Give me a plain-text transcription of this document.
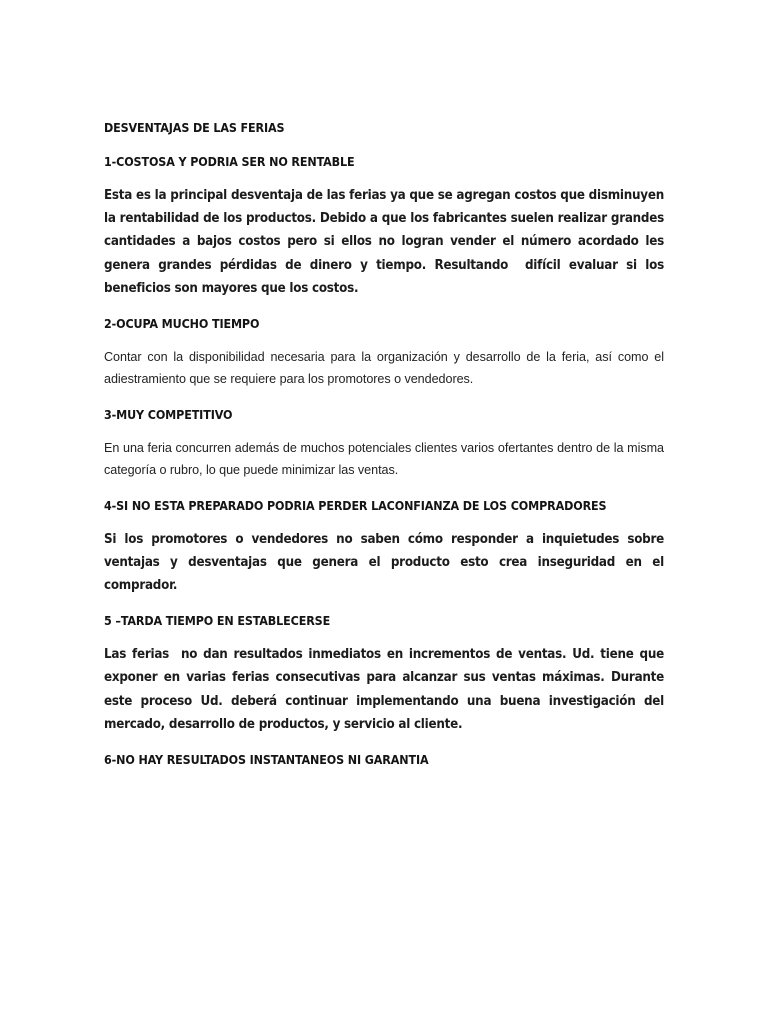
DESVENTAJAS DE LAS FERIAS

1-COSTOSA Y PODRIA SER NO RENTABLE

Esta es la principal desventaja de las ferias ya que se agregan costos que disminuyen la rentabilidad de los productos. Debido a que los fabricantes suelen realizar grandes cantidades a bajos costos pero si ellos no logran vender el número acordado les genera grandes pérdidas de dinero y tiempo. Resultando  difícil evaluar si los beneficios son mayores que los costos.

2-OCUPA MUCHO TIEMPO

Contar con la disponibilidad necesaria para la organización y desarrollo de la feria, así como el adiestramiento que se requiere para los promotores o vendedores.

3-MUY COMPETITIVO

En una feria concurren además de muchos potenciales clientes varios ofertantes dentro de la misma categoría o rubro, lo que puede minimizar las ventas.

4-SI NO ESTA PREPARADO PODRIA PERDER LACONFIANZA DE LOS COMPRADORES

Si los promotores o vendedores no saben cómo responder a inquietudes sobre ventajas y desventajas que genera el producto esto crea inseguridad en el  comprador.

5 –TARDA TIEMPO EN ESTABLECERSE

Las ferias  no dan resultados inmediatos en incrementos de ventas. Ud. tiene que exponer en varias ferias consecutivas para alcanzar sus ventas máximas. Durante este proceso Ud. deberá continuar implementando una buena investigación del mercado, desarrollo de productos, y servicio al cliente.

6-NO HAY RESULTADOS INSTANTANEOS NI GARANTIA
